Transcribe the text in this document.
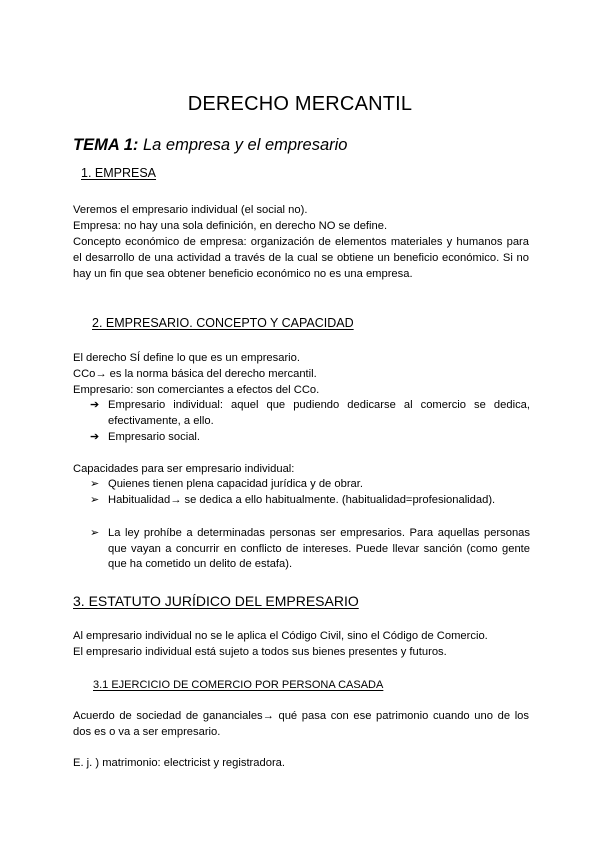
DERECHO MERCANTIL
TEMA 1: La empresa y el empresario
1. EMPRESA
Veremos el empresario individual (el social no).
Empresa: no hay una sola definición, en derecho NO se define.
Concepto económico de empresa: organización de elementos materiales y humanos para el desarrollo de una actividad a través de la cual se obtiene un beneficio económico. Si no hay un fin que sea obtener beneficio económico no es una empresa.
2. EMPRESARIO. CONCEPTO Y CAPACIDAD
El derecho SÍ define lo que es un empresario.
CCo→ es la norma básica del derecho mercantil.
Empresario: son comerciantes a efectos del CCo.
➔ Empresario individual: aquel que pudiendo dedicarse al comercio se dedica, efectivamente, a ello.
➔ Empresario social.
Capacidades para ser empresario individual:
➢ Quienes tienen plena capacidad jurídica y de obrar.
➢ Habitualidad→ se dedica a ello habitualmente. (habitualidad=profesionalidad).
➢ La ley prohíbe a determinadas personas ser empresarios. Para aquellas personas que vayan a concurrir en conflicto de intereses. Puede llevar sanción (como gente que ha cometido un delito de estafa).
3. ESTATUTO JURÍDICO DEL EMPRESARIO
Al empresario individual no se le aplica el Código Civil, sino el Código de Comercio.
El empresario individual está sujeto a todos sus bienes presentes y futuros.
3.1 EJERCICIO DE COMERCIO POR PERSONA CASADA
Acuerdo de sociedad de gananciales→ qué pasa con ese patrimonio cuando uno de los dos es o va a ser empresario.
E. j. ) matrimonio: electricist y registradora.
